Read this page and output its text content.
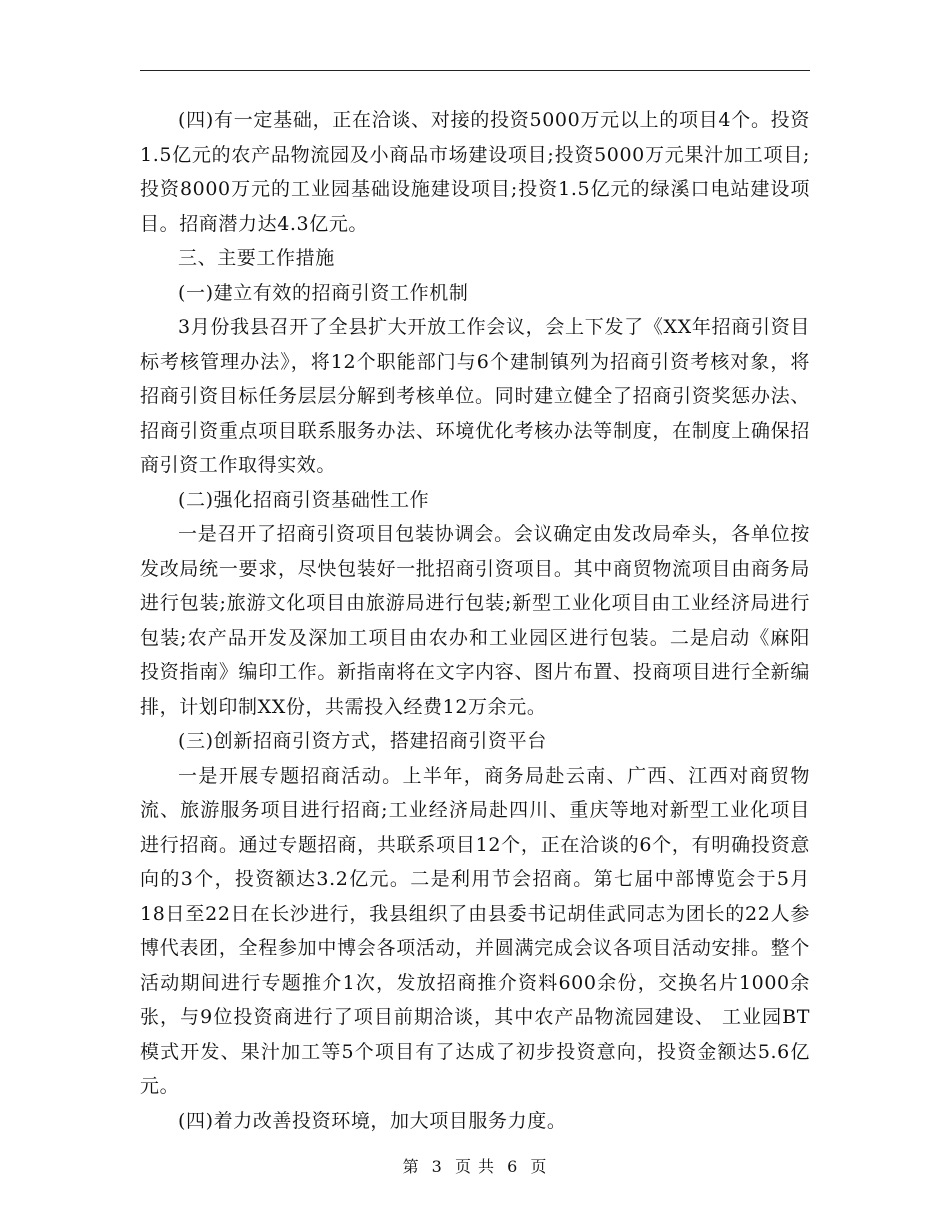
(四)有一定基础，正在洽谈、对接的投资5000万元以上的项目4个。投资1.5亿元的农产品物流园及小商品市场建设项目;投资5000万元果汁加工项目;投资8000万元的工业园基础设施建设项目;投资1.5亿元的绿溪口电站建设项目。招商潜力达4.3亿元。

三、主要工作措施

(一)建立有效的招商引资工作机制

3月份我县召开了全县扩大开放工作会议，会上下发了《XX年招商引资目标考核管理办法》，将12个职能部门与6个建制镇列为招商引资考核对象，将招商引资目标任务层层分解到考核单位。同时建立健全了招商引资奖惩办法、招商引资重点项目联系服务办法、环境优化考核办法等制度，在制度上确保招商引资工作取得实效。

(二)强化招商引资基础性工作

一是召开了招商引资项目包装协调会。会议确定由发改局牵头，各单位按发改局统一要求，尽快包装好一批招商引资项目。其中商贸物流项目由商务局进行包装;旅游文化项目由旅游局进行包装;新型工业化项目由工业经济局进行包装;农产品开发及深加工项目由农办和工业园区进行包装。二是启动《麻阳投资指南》编印工作。新指南将在文字内容、图片布置、投商项目进行全新编排，计划印制XX份，共需投入经费12万余元。

(三)创新招商引资方式，搭建招商引资平台

一是开展专题招商活动。上半年，商务局赴云南、广西、江西对商贸物流、旅游服务项目进行招商;工业经济局赴四川、重庆等地对新型工业化项目进行招商。通过专题招商，共联系项目12个，正在洽谈的6个，有明确投资意向的3个，投资额达3.2亿元。二是利用节会招商。第七届中部博览会于5月18日至22日在长沙进行，我县组织了由县委书记胡佳武同志为团长的22人参博代表团，全程参加中博会各项活动，并圆满完成会议各项目活动安排。整个活动期间进行专题推介1次，发放招商推介资料600余份，交换名片1000余张，与9位投资商进行了项目前期洽谈，其中农产品物流园建设、 工业园BT模式开发、果汁加工等5个项目有了达成了初步投资意向，投资金额达5.6亿元。

(四)着力改善投资环境，加大项目服务力度。

第 3 页 共 6 页
